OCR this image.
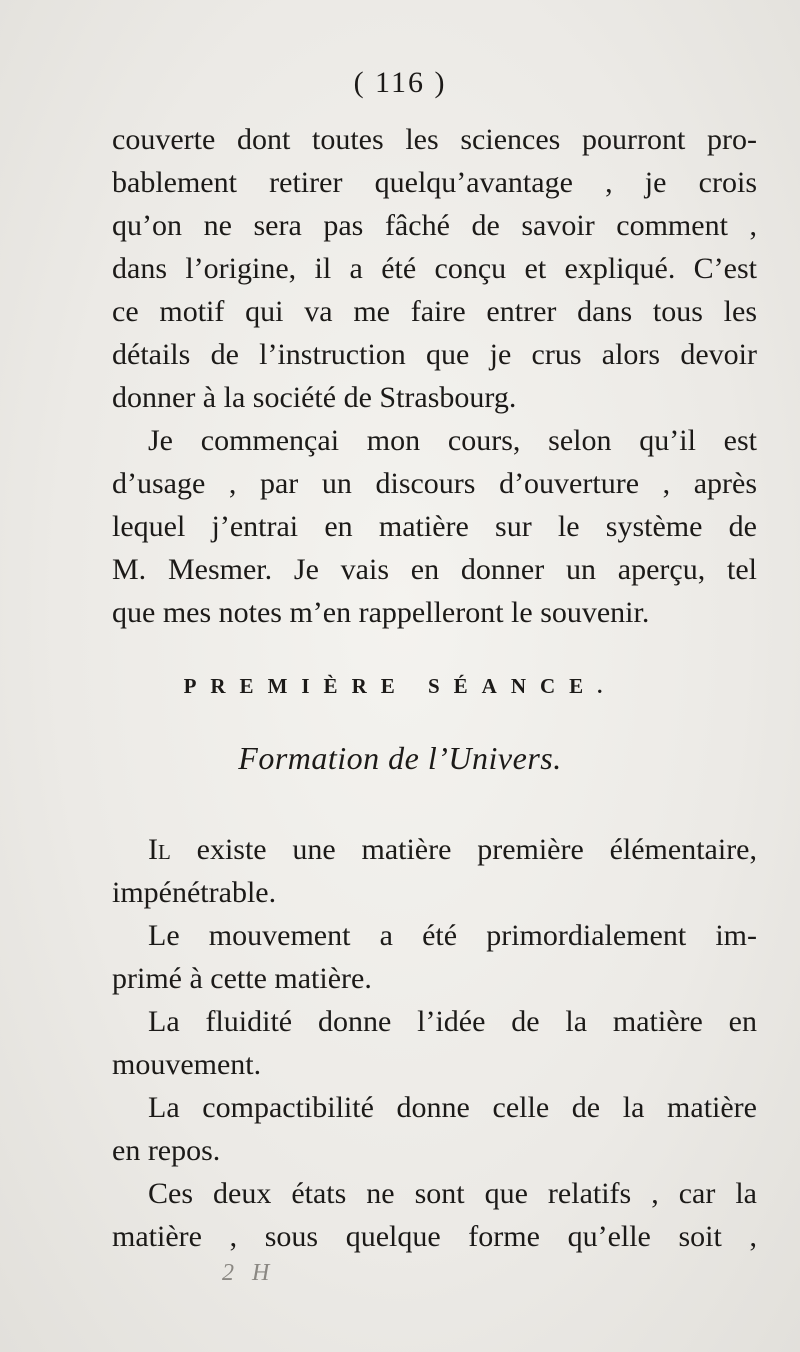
( 116 )
couverte dont toutes les sciences pourront pro-
bablement retirer quelqu’avantage , je crois
qu’on ne sera pas fâché de savoir comment ,
dans l’origine, il a été conçu et expliqué. C’est
ce motif qui va me faire entrer dans tous les
détails de l’instruction que je crus alors devoir
donner à la société de Strasbourg.
Je commençai mon cours, selon qu’il est
d’usage , par un discours d’ouverture , après
lequel j’entrai en matière sur le système de
M. Mesmer. Je vais en donner un aperçu, tel
que mes notes m’en rappelleront le souvenir.
PREMIÈRE SÉANCE.
Formation de l’Univers.
Il existe une matière première élémentaire,
impénétrable.
Le mouvement a été primordialement im-
primé à cette matière.
La fluidité donne l’idée de la matière en
mouvement.
La compactibilité donne celle de la matière
en repos.
Ces deux états ne sont que relatifs , car la
matière , sous quelque forme qu’elle soit ,
2 H
